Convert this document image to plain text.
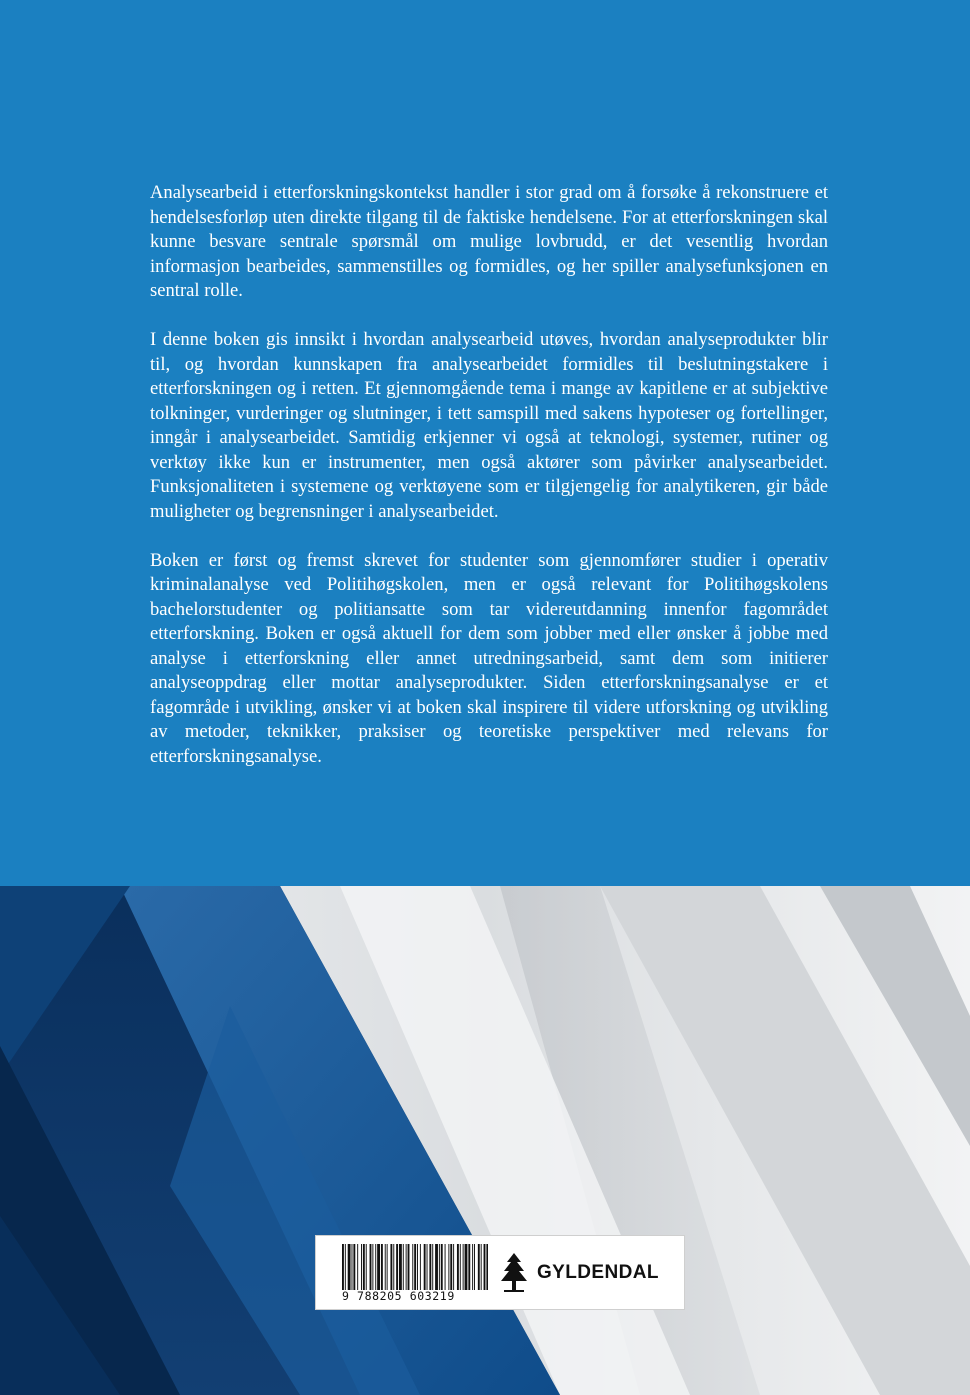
Analysearbeid i etterforskningskontekst handler i stor grad om å forsøke å rekonstruere et hendelsesforløp uten direkte tilgang til de faktiske hendelsene. For at etterforskningen skal kunne besvare sentrale spørsmål om mulige lovbrudd, er det vesentlig hvordan informasjon bearbeides, sammenstilles og formidles, og her spiller analysefunksjonen en sentral rolle.

I denne boken gis innsikt i hvordan analysearbeid utøves, hvordan analyseprodukter blir til, og hvordan kunnskapen fra analysearbeidet formidles til beslutningstakere i etterforskningen og i retten. Et gjennomgående tema i mange av kapitlene er at subjektive tolkninger, vurderinger og slutninger, i tett samspill med sakens hypoteser og fortellinger, inngår i analysearbeidet. Samtidig erkjenner vi også at teknologi, systemer, rutiner og verktøy ikke kun er instrumenter, men også aktører som påvirker analysearbeidet. Funksjonaliteten i systemene og verktøyene som er tilgjengelig for analytikeren, gir både muligheter og begrensninger i analysearbeidet.

Boken er først og fremst skrevet for studenter som gjennomfører studier i operativ kriminalanalyse ved Politihøgskolen, men er også relevant for Politihøgskolens bachelorstudenter og politiansatte som tar videreutdanning innenfor fagområdet etterforskning. Boken er også aktuell for dem som jobber med eller ønsker å jobbe med analyse i etterforskning eller annet utredningsarbeid, samt dem som initierer analyseoppdrag eller mottar analyseprodukter. Siden etterforskningsanalyse er et fagområde i utvikling, ønsker vi at boken skal inspirere til videre utforskning og utvikling av metoder, teknikker, praksiser og teoretiske perspektiver med relevans for etterforskningsanalyse.

9 788205 603219
GYLDENDAL
